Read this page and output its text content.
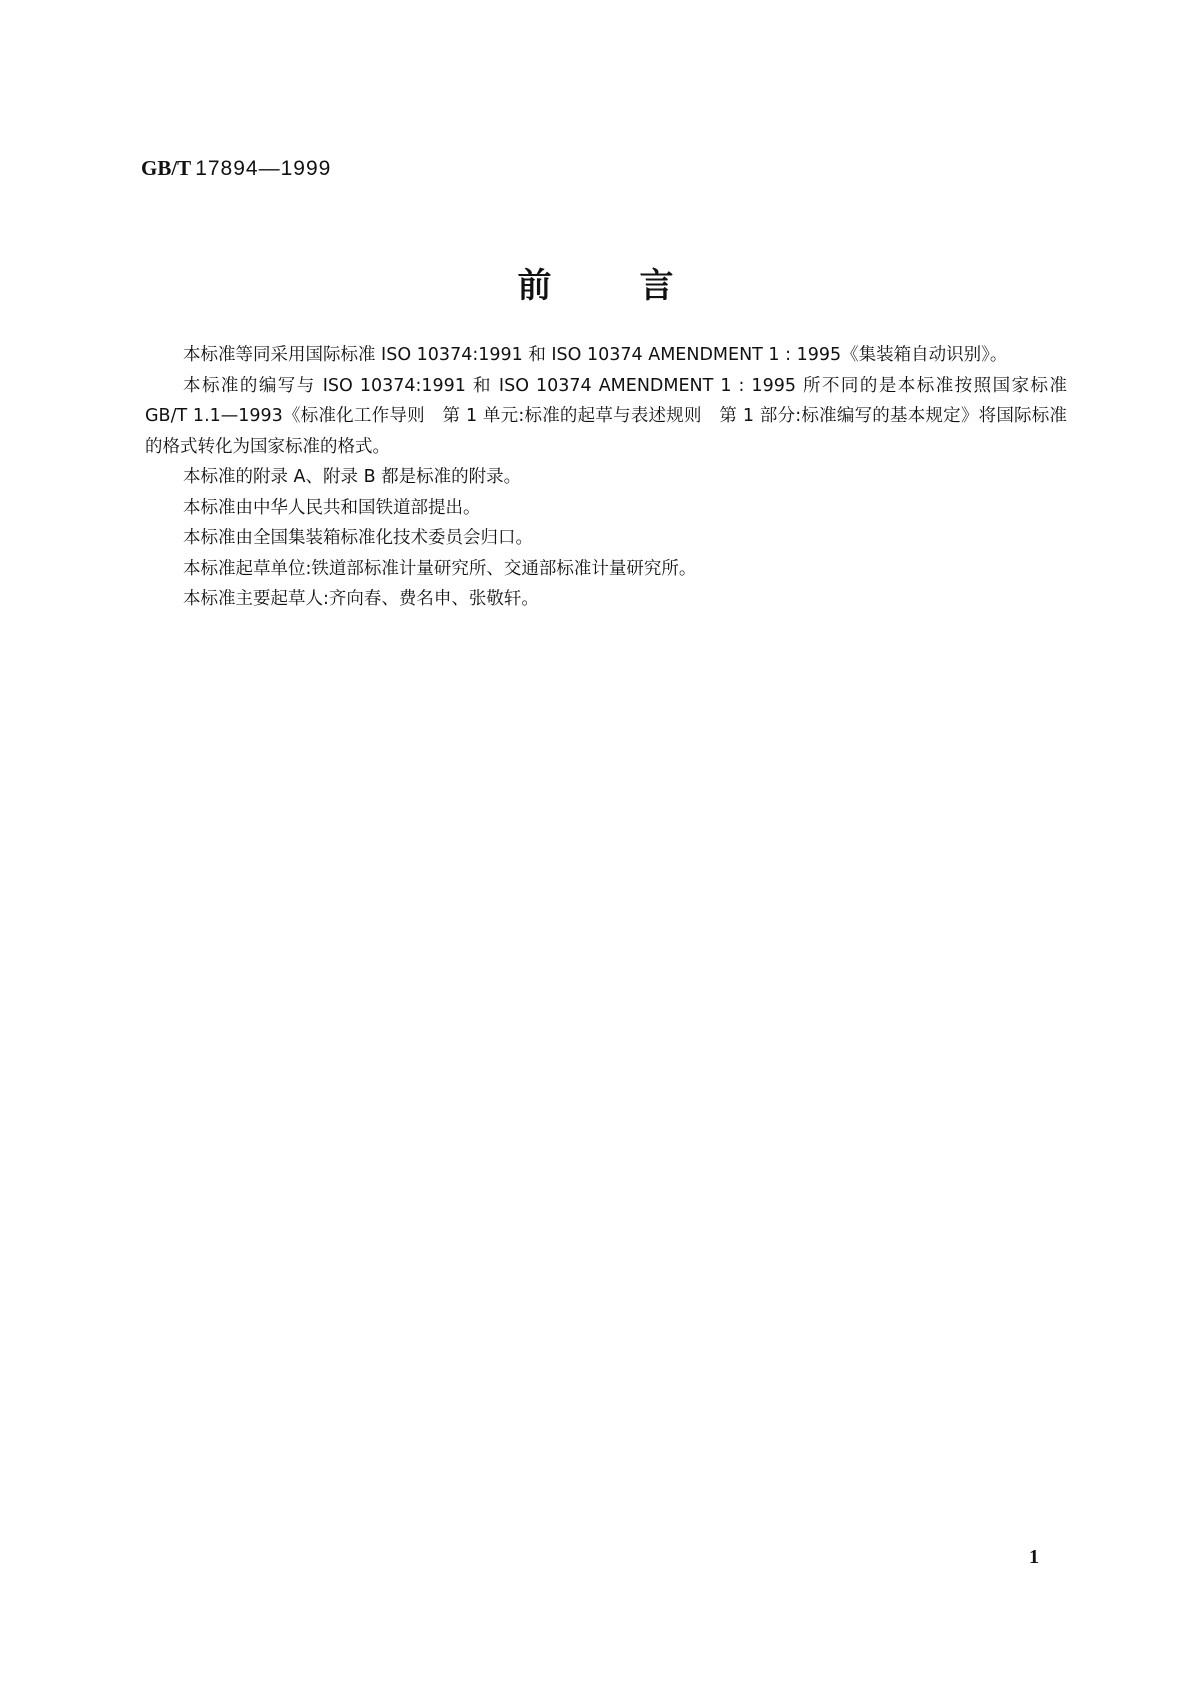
GB/T 17894—1999
前言

本标准等同采用国际标准 ISO 10374:1991 和 ISO 10374 AMENDMENT 1 : 1995《集装箱自动识别》。

本标准的编写与 ISO 10374:1991 和 ISO 10374 AMENDMENT 1 : 1995 所不同的是本标准按照国家标准 GB/T 1.1—1993《标准化工作导则　第 1 单元:标准的起草与表述规则　第 1 部分:标准编写的基本规定》将国际标准的格式转化为国家标准的格式。

本标准的附录 A、附录 B 都是标准的附录。

本标准由中华人民共和国铁道部提出。

本标准由全国集装箱标准化技术委员会归口。

本标准起草单位:铁道部标准计量研究所、交通部标准计量研究所。

本标准主要起草人:齐向春、费名申、张敬轩。

1
